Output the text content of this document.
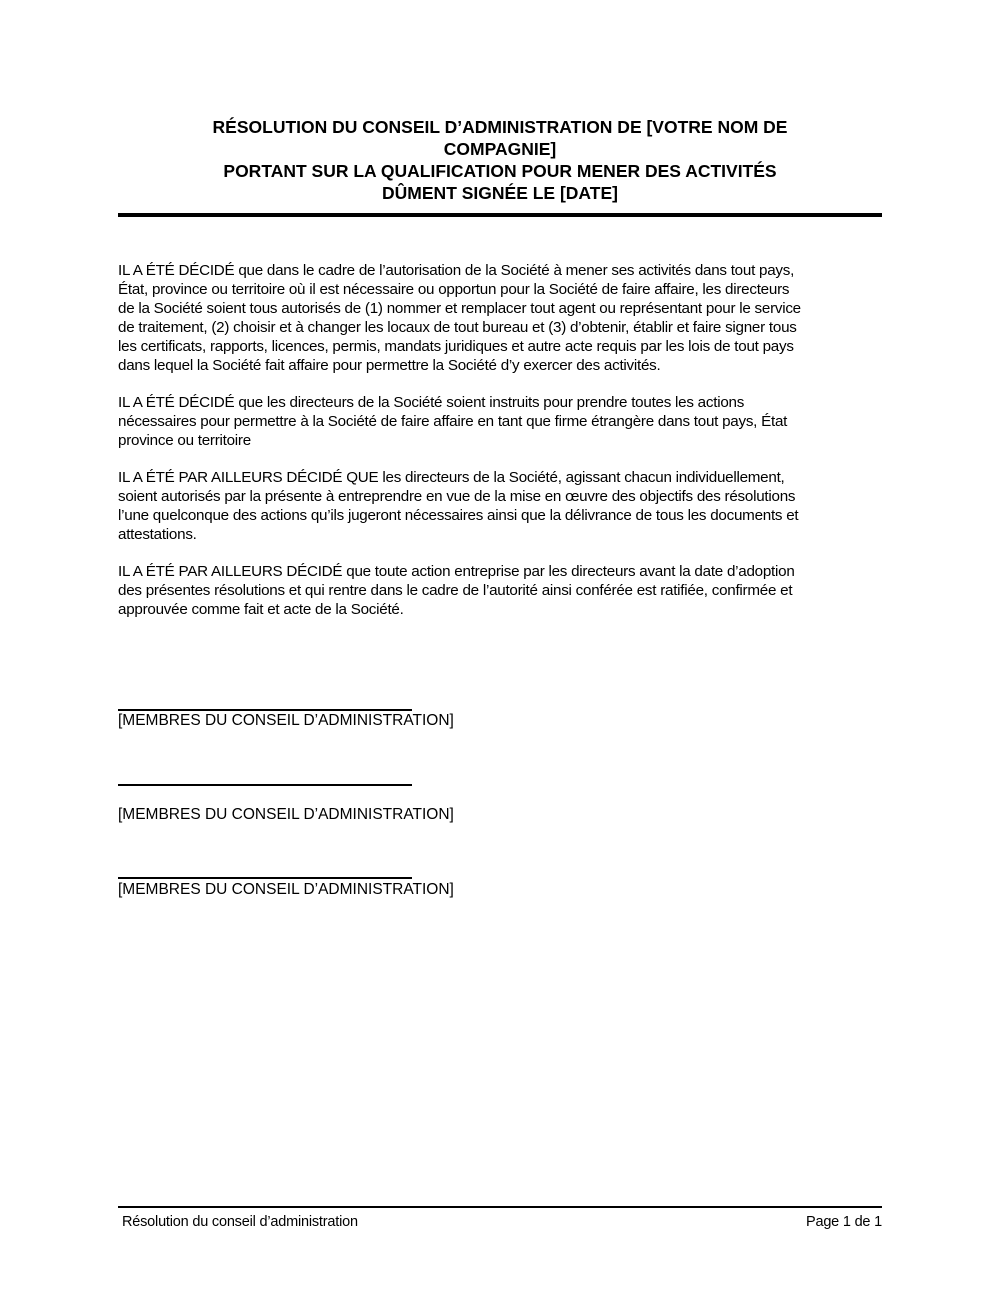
RÉSOLUTION DU CONSEIL D’ADMINISTRATION DE [VOTRE NOM DE
COMPAGNIE]
PORTANT SUR LA QUALIFICATION POUR MENER DES ACTIVITÉS
DÛMENT SIGNÉE LE [DATE]
IL A ÉTÉ DÉCIDÉ que dans le cadre de l’autorisation de la Société à mener ses activités dans tout pays,
État, province ou territoire où il est nécessaire ou opportun pour la Société de faire affaire, les directeurs
de la Société soient tous autorisés de (1) nommer et remplacer tout agent ou représentant pour le service
de traitement, (2) choisir et à changer les locaux de tout bureau et (3) d’obtenir, établir et faire signer tous
les certificats, rapports, licences, permis, mandats juridiques et autre acte requis par les lois de tout pays
dans lequel la Société fait affaire pour permettre la Société d’y exercer des activités.
IL A ÉTÉ DÉCIDÉ que les directeurs de la Société soient instruits pour prendre toutes les actions
nécessaires pour permettre à la Société de faire affaire en tant que firme étrangère dans tout pays, État
province ou territoire
IL A ÉTÉ PAR AILLEURS DÉCIDÉ QUE les directeurs de la Société, agissant chacun individuellement,
soient autorisés par la présente à entreprendre en vue de la mise en œuvre des objectifs des résolutions
l’une quelconque des actions qu’ils jugeront nécessaires ainsi que la délivrance de tous les documents et
attestations.
IL A ÉTÉ PAR AILLEURS DÉCIDÉ que toute action entreprise par les directeurs avant la date d’adoption
des présentes résolutions et qui rentre dans le cadre de l’autorité ainsi conférée est ratifiée, confirmée et
approuvée comme fait et acte de la Société.
[MEMBRES DU CONSEIL D’ADMINISTRATION]
[MEMBRES DU CONSEIL D’ADMINISTRATION]
[MEMBRES DU CONSEIL D’ADMINISTRATION]
Résolution du conseil d’administration	Page 1 de 1
